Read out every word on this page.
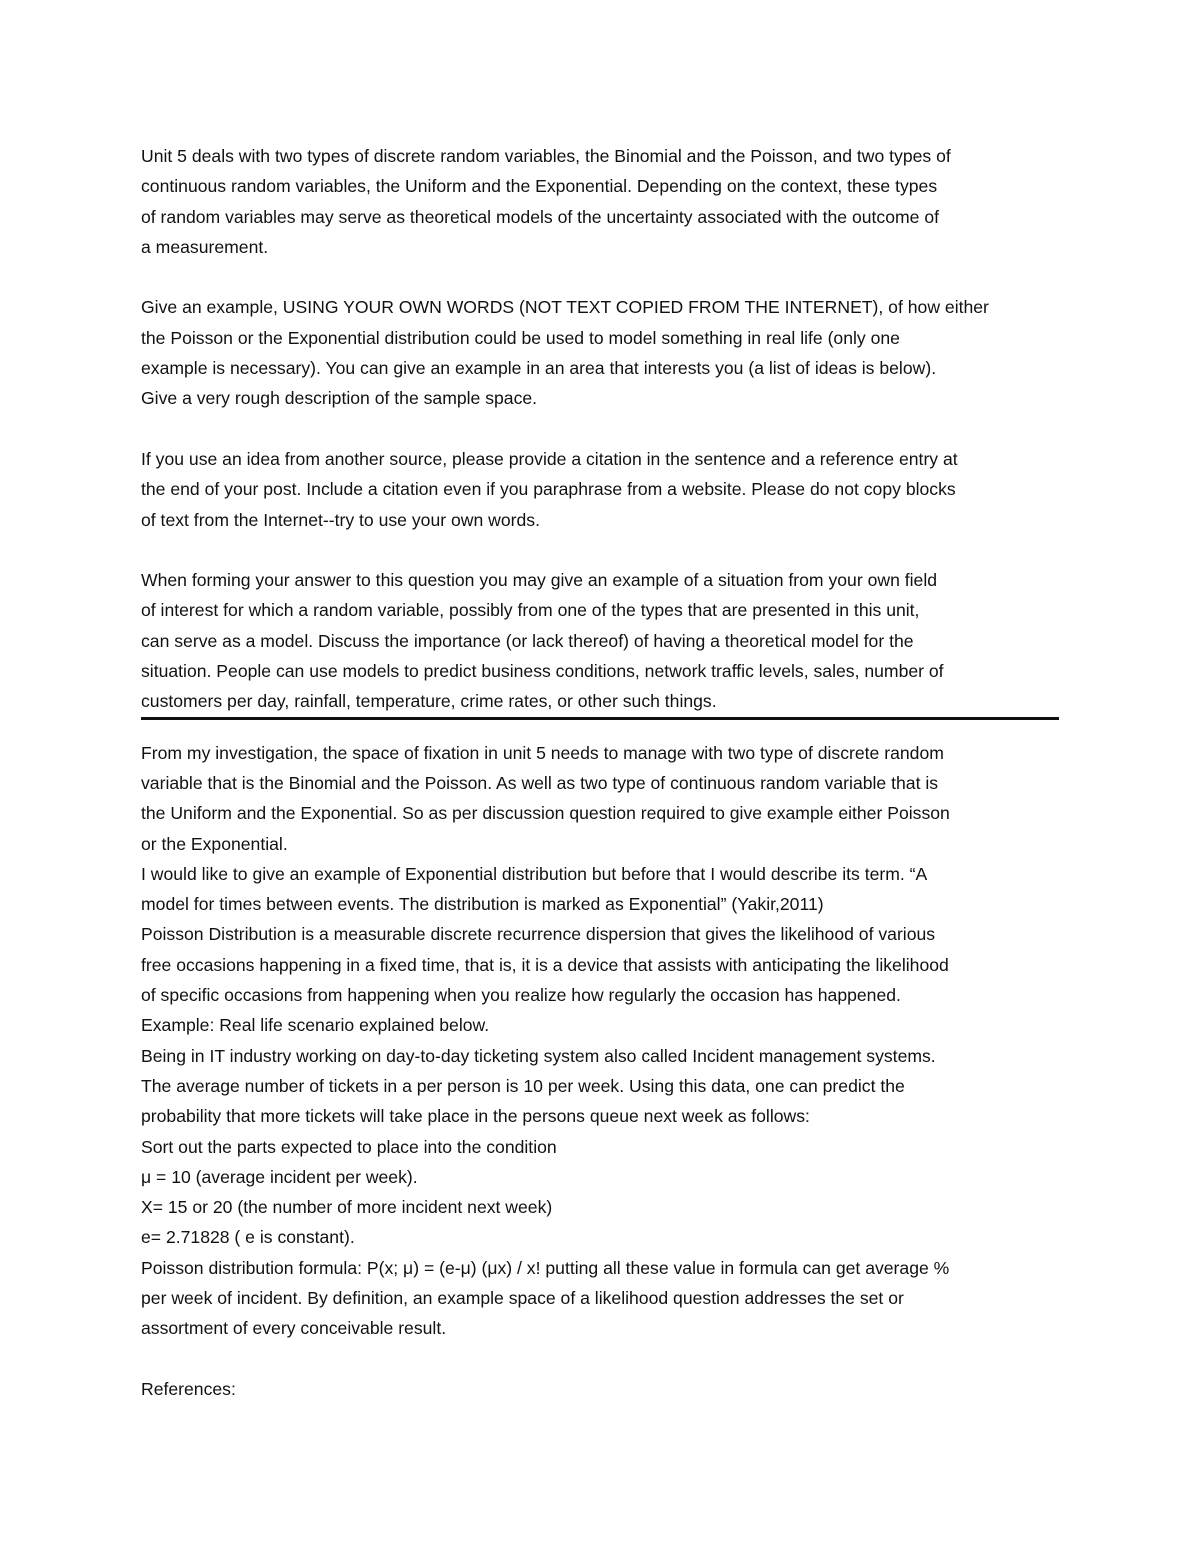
Unit 5 deals with two types of discrete random variables, the Binomial and the Poisson, and two types of
continuous random variables, the Uniform and the Exponential. Depending on the context, these types
of random variables may serve as theoretical models of the uncertainty associated with the outcome of
a measurement.
Give an example, USING YOUR OWN WORDS (NOT TEXT COPIED FROM THE INTERNET), of how either
the Poisson or the Exponential distribution could be used to model something in real life (only one
example is necessary). You can give an example in an area that interests you (a list of ideas is below).
Give a very rough description of the sample space.
If you use an idea from another source, please provide a citation in the sentence and a reference entry at
the end of your post. Include a citation even if you paraphrase from a website. Please do not copy blocks
of text from the Internet--try to use your own words.
When forming your answer to this question you may give an example of a situation from your own field
of interest for which a random variable, possibly from one of the types that are presented in this unit,
can serve as a model. Discuss the importance (or lack thereof) of having a theoretical model for the
situation. People can use models to predict business conditions, network traffic levels, sales, number of
customers per day, rainfall, temperature, crime rates, or other such things.
From my investigation, the space of fixation in unit 5 needs to manage with two type of discrete random
variable that is the Binomial and the Poisson. As well as two type of continuous random variable that is
the Uniform and the Exponential. So as per discussion question required to give example either Poisson
or the Exponential.
I would like to give an example of Exponential distribution but before that I would describe its term. “A
model for times between events. The distribution is marked as Exponential” (Yakir,2011)
Poisson Distribution is a measurable discrete recurrence dispersion that gives the likelihood of various
free occasions happening in a fixed time, that is, it is a device that assists with anticipating the likelihood
of specific occasions from happening when you realize how regularly the occasion has happened.
Example: Real life scenario explained below.
Being in IT industry working on day-to-day ticketing system also called Incident management systems.
The average number of tickets in a per person is 10 per week. Using this data, one can predict the
probability that more tickets will take place in the persons queue next week as follows:
Sort out the parts expected to place into the condition
μ = 10 (average incident per week).
X= 15 or 20 (the number of more incident next week)
e= 2.71828 ( e is constant).
Poisson distribution formula: P(x; μ) = (e-μ) (μx) / x! putting all these value in formula can get average %
per week of incident. By definition, an example space of a likelihood question addresses the set or
assortment of every conceivable result.
References:
